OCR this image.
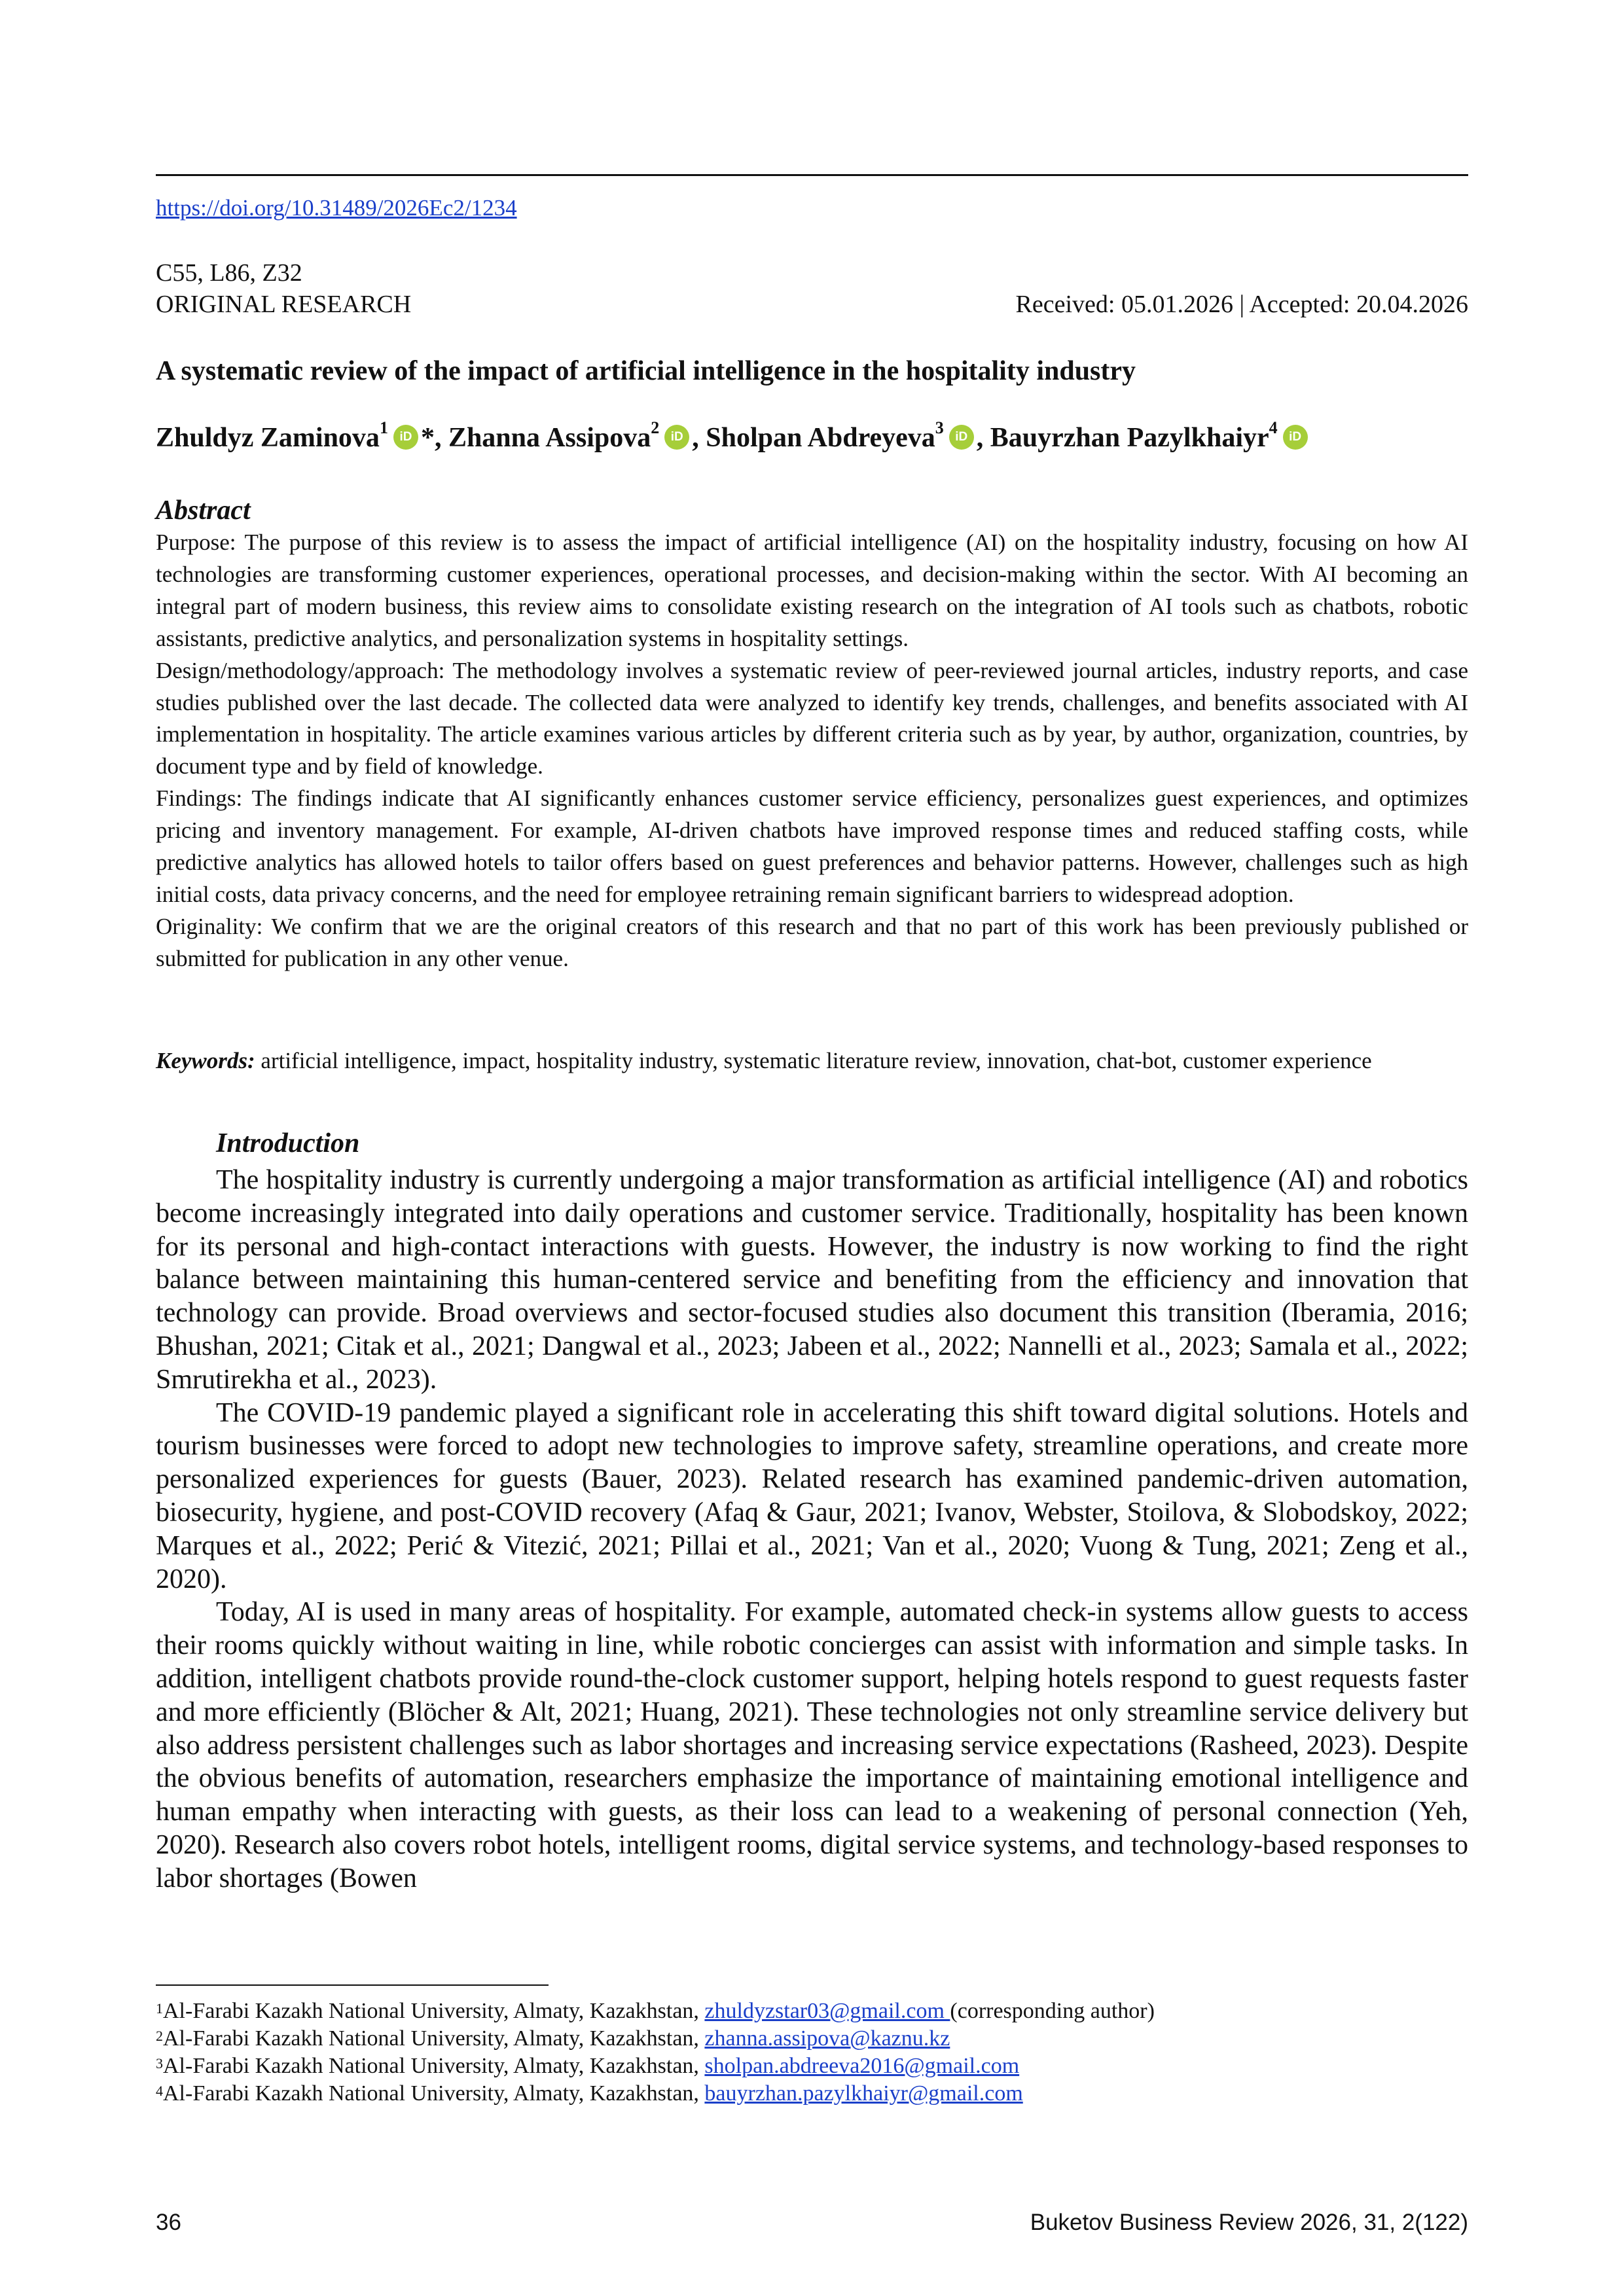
https://doi.org/10.31489/2026Ec2/1234
C55, L86, Z32
ORIGINAL RESEARCH	Received: 05.01.2026 | Accepted: 20.04.2026
A systematic review of the impact of artificial intelligence in the hospitality industry
Zhuldyz Zaminova$^1$ iD *, Zhanna Assipova$^2$ iD , Sholpan Abdreyeva$^3$ iD , Bauyrzhan Pazylkhaiyr$^4$ iD
Abstract

Purpose: The purpose of this review is to assess the impact of artificial intelligence (AI) on the hospitality industry, focusing on how AI technologies are transforming customer experiences, operational processes, and decision-making within the sector. With AI becoming an integral part of modern business, this review aims to consolidate existing research on the integration of AI tools such as chatbots, robotic assistants, predictive analytics, and personalization systems in hospitality settings.

Design/methodology/approach: The methodology involves a systematic review of peer-reviewed journal articles, industry reports, and case studies published over the last decade. The collected data were analyzed to identify key trends, challenges, and benefits associated with AI implementation in hospitality. The article examines various articles by different criteria such as by year, by author, organization, countries, by document type and by field of knowledge.

Findings: The findings indicate that AI significantly enhances customer service efficiency, personalizes guest experiences, and optimizes pricing and inventory management. For example, AI-driven chatbots have improved response times and reduced staffing costs, while predictive analytics has allowed hotels to tailor offers based on guest preferences and behavior patterns. However, challenges such as high initial costs, data privacy concerns, and the need for employee retraining remain significant barriers to widespread adoption.

Originality: We confirm that we are the original creators of this research and that no part of this work has been previously published or submitted for publication in any other venue.

Keywords: artificial intelligence, impact, hospitality industry, systematic literature review, innovation, chat-bot, customer experience
Introduction

The hospitality industry is currently undergoing a major transformation as artificial intelligence (AI) and robotics become increasingly integrated into daily operations and customer service. Traditionally, hospitality has been known for its personal and high-contact interactions with guests. However, the industry is now working to find the right balance between maintaining this human-centered service and benefiting from the efficiency and innovation that technology can provide. Broad overviews and sector-focused studies also document this transition (Iberamia, 2016; Bhushan, 2021; Citak et al., 2021; Dangwal et al., 2023; Jabeen et al., 2022; Nannelli et al., 2023; Samala et al., 2022; Smrutirekha et al., 2023).

The COVID-19 pandemic played a significant role in accelerating this shift toward digital solutions. Hotels and tourism businesses were forced to adopt new technologies to improve safety, streamline operations, and create more personalized experiences for guests (Bauer, 2023). Related research has examined pandemic-driven automation, biosecurity, hygiene, and post-COVID recovery (Afaq & Gaur, 2021; Ivanov, Webster, Stoilova, & Slobodskoy, 2022; Marques et al., 2022; Perić & Vitezić, 2021; Pillai et al., 2021; Van et al., 2020; Vuong & Tung, 2021; Zeng et al., 2020).

Today, AI is used in many areas of hospitality. For example, automated check-in systems allow guests to access their rooms quickly without waiting in line, while robotic concierges can assist with information and simple tasks. In addition, intelligent chatbots provide round-the-clock customer support, helping hotels respond to guest requests faster and more efficiently (Blöcher & Alt, 2021; Huang, 2021). These technologies not only streamline service delivery but also address persistent challenges such as labor shortages and increasing service expectations (Rasheed, 2023). Despite the obvious benefits of automation, researchers emphasize the importance of maintaining emotional intelligence and human empathy when interacting with guests, as their loss can lead to a weakening of personal connection (Yeh, 2020). Research also covers robot hotels, intelligent rooms, digital service systems, and technology-based responses to labor shortages (Bowen

$^1$Al-Farabi Kazakh National University, Almaty, Kazakhstan, zhuldyzstar03@gmail.com (corresponding author)
$^2$Al-Farabi Kazakh National University, Almaty, Kazakhstan, zhanna.assipova@kaznu.kz
$^3$Al-Farabi Kazakh National University, Almaty, Kazakhstan, sholpan.abdreeva2016@gmail.com
$^4$Al-Farabi Kazakh National University, Almaty, Kazakhstan, bauyrzhan.pazylkhaiyr@gmail.com
36	Buketov Business Review 2026, 31, 2(122)
